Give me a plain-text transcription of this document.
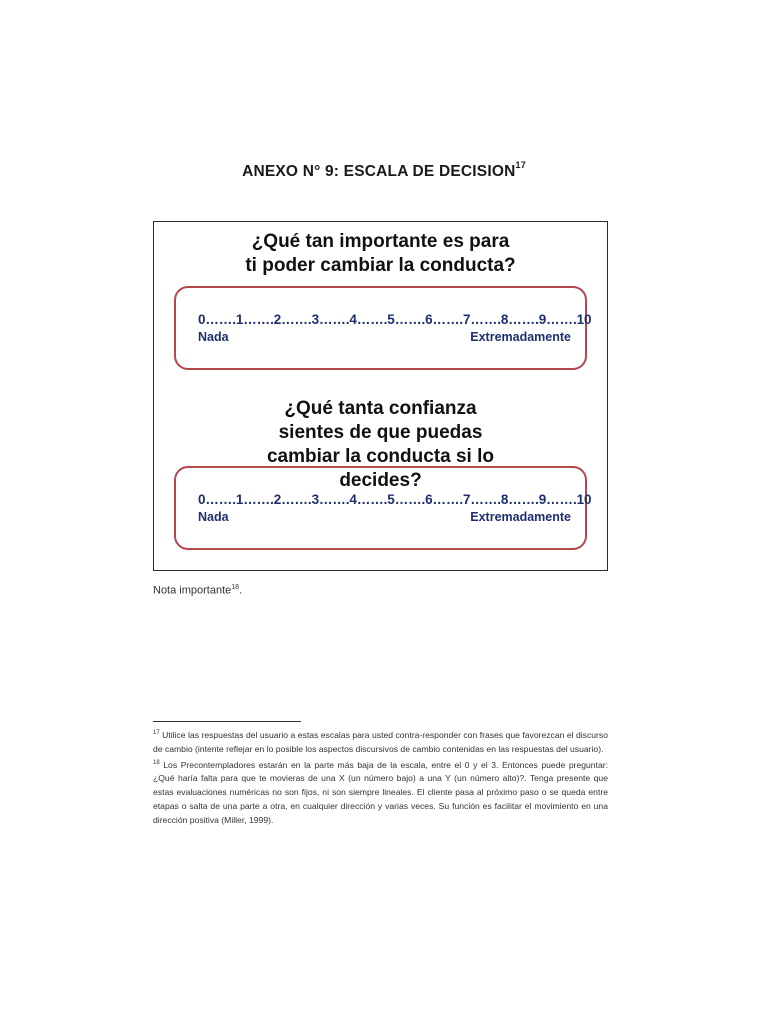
ANEXO N° 9: ESCALA DE DECISION$^{17}$
¿Qué tan importante es para ti poder cambiar la conducta?
0…….1…….2…….3…….4…….5…….6…….7…….8…….9…….10
Nada	Extremadamente
¿Qué tanta confianza sientes de que puedas cambiar la conducta si lo decides?
0…….1…….2…….3…….4…….5…….6…….7…….8…….9…….10
Nada	Extremadamente
Nota importante$^{18}$.

$^{17}$ Utilice las respuestas del usuario a estas escalas para usted contra-responder con frases que favorezcan el discurso de cambio (intente reflejar en lo posible los aspectos discursivos de cambio contenidas en las respuestas del usuario).

$^{18}$ Los Precontempladores estarán en la parte más baja de la escala, entre el 0 y el 3. Entonces puede preguntar: ¿Qué haría falta para que te movieras de una X (un número bajo) a una Y (un número alto)?. Tenga presente que estas evaluaciones numéricas no son fijos, ni son siempre lineales. El cliente pasa al próximo paso o se queda entre etapas o salta de una parte a otra, en cualquier dirección y varias veces. Su función es facilitar el movimiento en una dirección positiva (Miller, 1999).
